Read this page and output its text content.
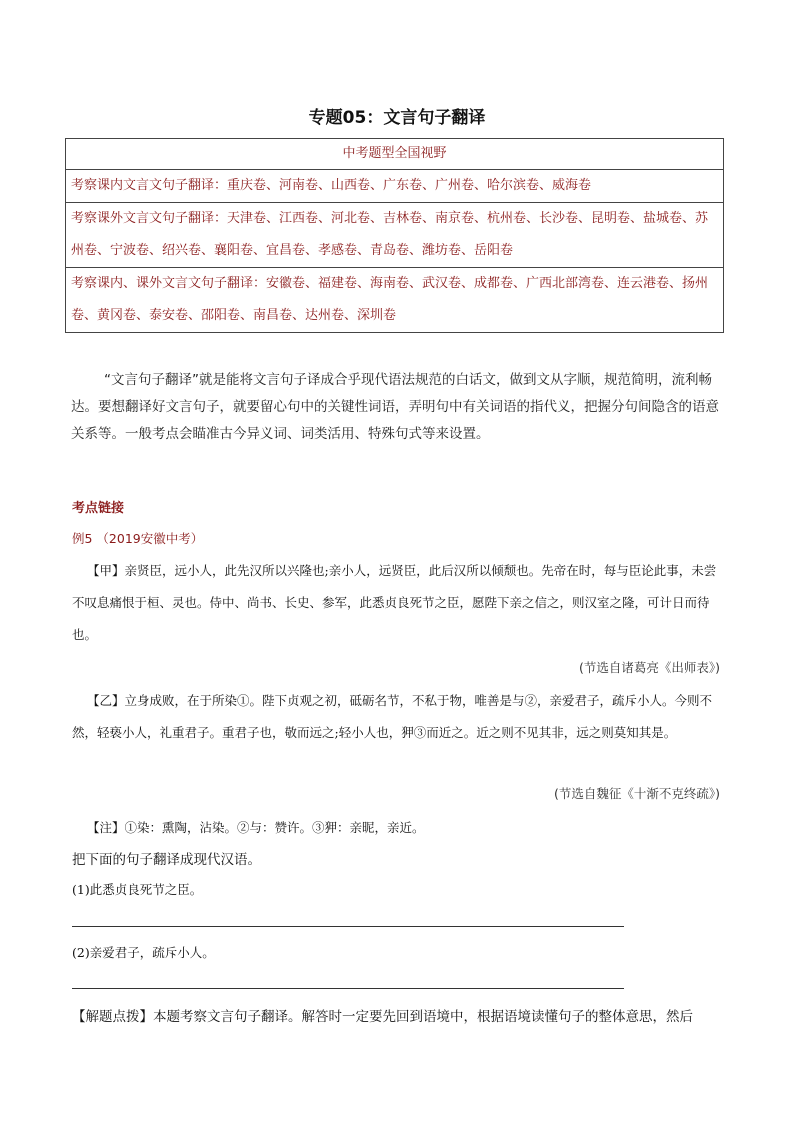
专题05：文言句子翻译
中考题型全国视野
考察课内文言文句子翻译：重庆卷、河南卷、山西卷、广东卷、广州卷、哈尔滨卷、威海卷
考察课外文言文句子翻译：天津卷、江西卷、河北卷、吉林卷、南京卷、杭州卷、长沙卷、昆明卷、盐城卷、苏州卷、宁波卷、绍兴卷、襄阳卷、宜昌卷、孝感卷、青岛卷、潍坊卷、岳阳卷
考察课内、课外文言文句子翻译：安徽卷、福建卷、海南卷、武汉卷、成都卷、广西北部湾卷、连云港卷、扬州卷、黄冈卷、泰安卷、邵阳卷、南昌卷、达州卷、深圳卷
“文言句子翻译”就是能将文言句子译成合乎现代语法规范的白话文，做到文从字顺，规范简明，流利畅达。要想翻译好文言句子，就要留心句中的关键性词语，弄明句中有关词语的指代义，把握分句间隐含的语意关系等。一般考点会瞄准古今异义词、词类活用、特殊句式等来设置。
考点链接
例5 （2019安徽中考）
【甲】亲贤臣，远小人，此先汉所以兴隆也;亲小人，远贤臣，此后汉所以倾颓也。先帝在时，每与臣论此事，未尝不叹息痛恨于桓、灵也。侍中、尚书、长史、参军，此悉贞良死节之臣，愿陛下亲之信之，则汉室之隆，可计日而待也。
(节选自诸葛亮《出师表》)
【乙】立身成败，在于所染①。陛下贞观之初，砥砺名节，不私于物，唯善是与②，亲爱君子，疏斥小人。今则不然，轻亵小人，礼重君子。重君子也，敬而远之;轻小人也，狎③而近之。近之则不见其非，远之则莫知其是。
(节选自魏征《十渐不克终疏》)
【注】①染：熏陶，沾染。②与：赞许。③狎：亲昵，亲近。
把下面的句子翻译成现代汉语。
(1)此悉贞良死节之臣。
(2)亲爱君子，疏斥小人。
【解题点拨】本题考察文言句子翻译。解答时一定要先回到语境中，根据语境读懂句子的整体意思，然后
